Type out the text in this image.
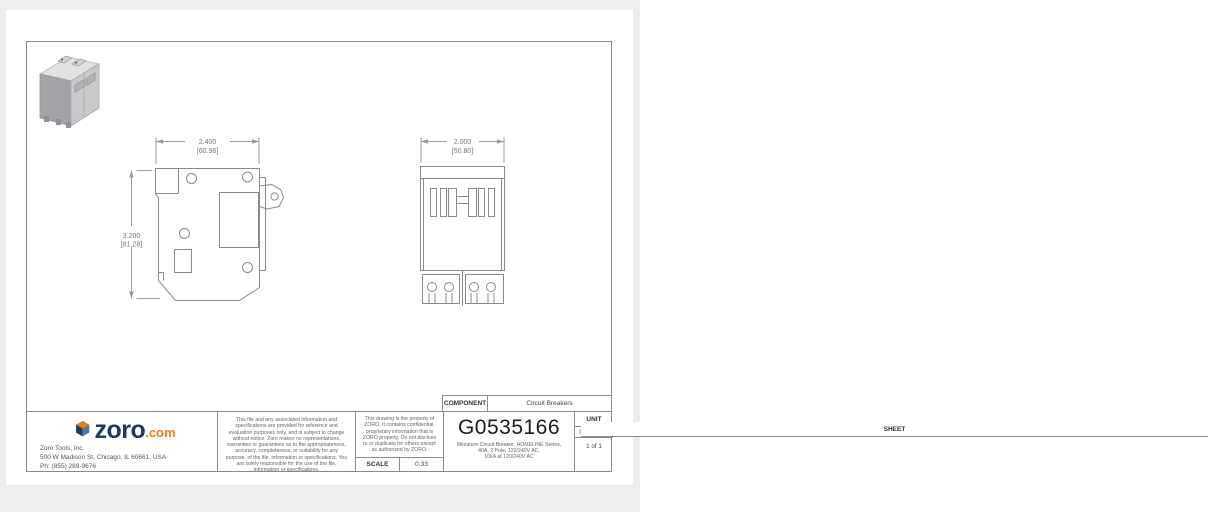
2.400
[60.96]
3.200
[81.28]
2.000
[50.80]
COMPONENT	Circuit Breakers
zoro .com
Zoro Tools, Inc.
500 W Madison St, Chicago, IL 60661, USA
Ph: (855) 289-9676
This file and any associated information and specifications are provided for reference and evaluation purposes only, and is subject to change without notice. Zoro makes no representations, warranties or guarantees as to the appropriateness, accuracy, completeness, or suitability for any purpose, of the file, information or specifications. You are solely responsible for the use of the file, information or specifications.
This drawing is the property of ZORO. It contains confidential, proprietary information that is ZORO property. Do not disclose to or duplicate for others except as authorized by ZORO.
SCALE	0.33
G0535166
Miniature Circuit Breaker, HOMELINE Series,
40A, 2 Pole, 120/240V AC,
10kA at 120/240V AC
UNIT
SHEET
1 of 1
